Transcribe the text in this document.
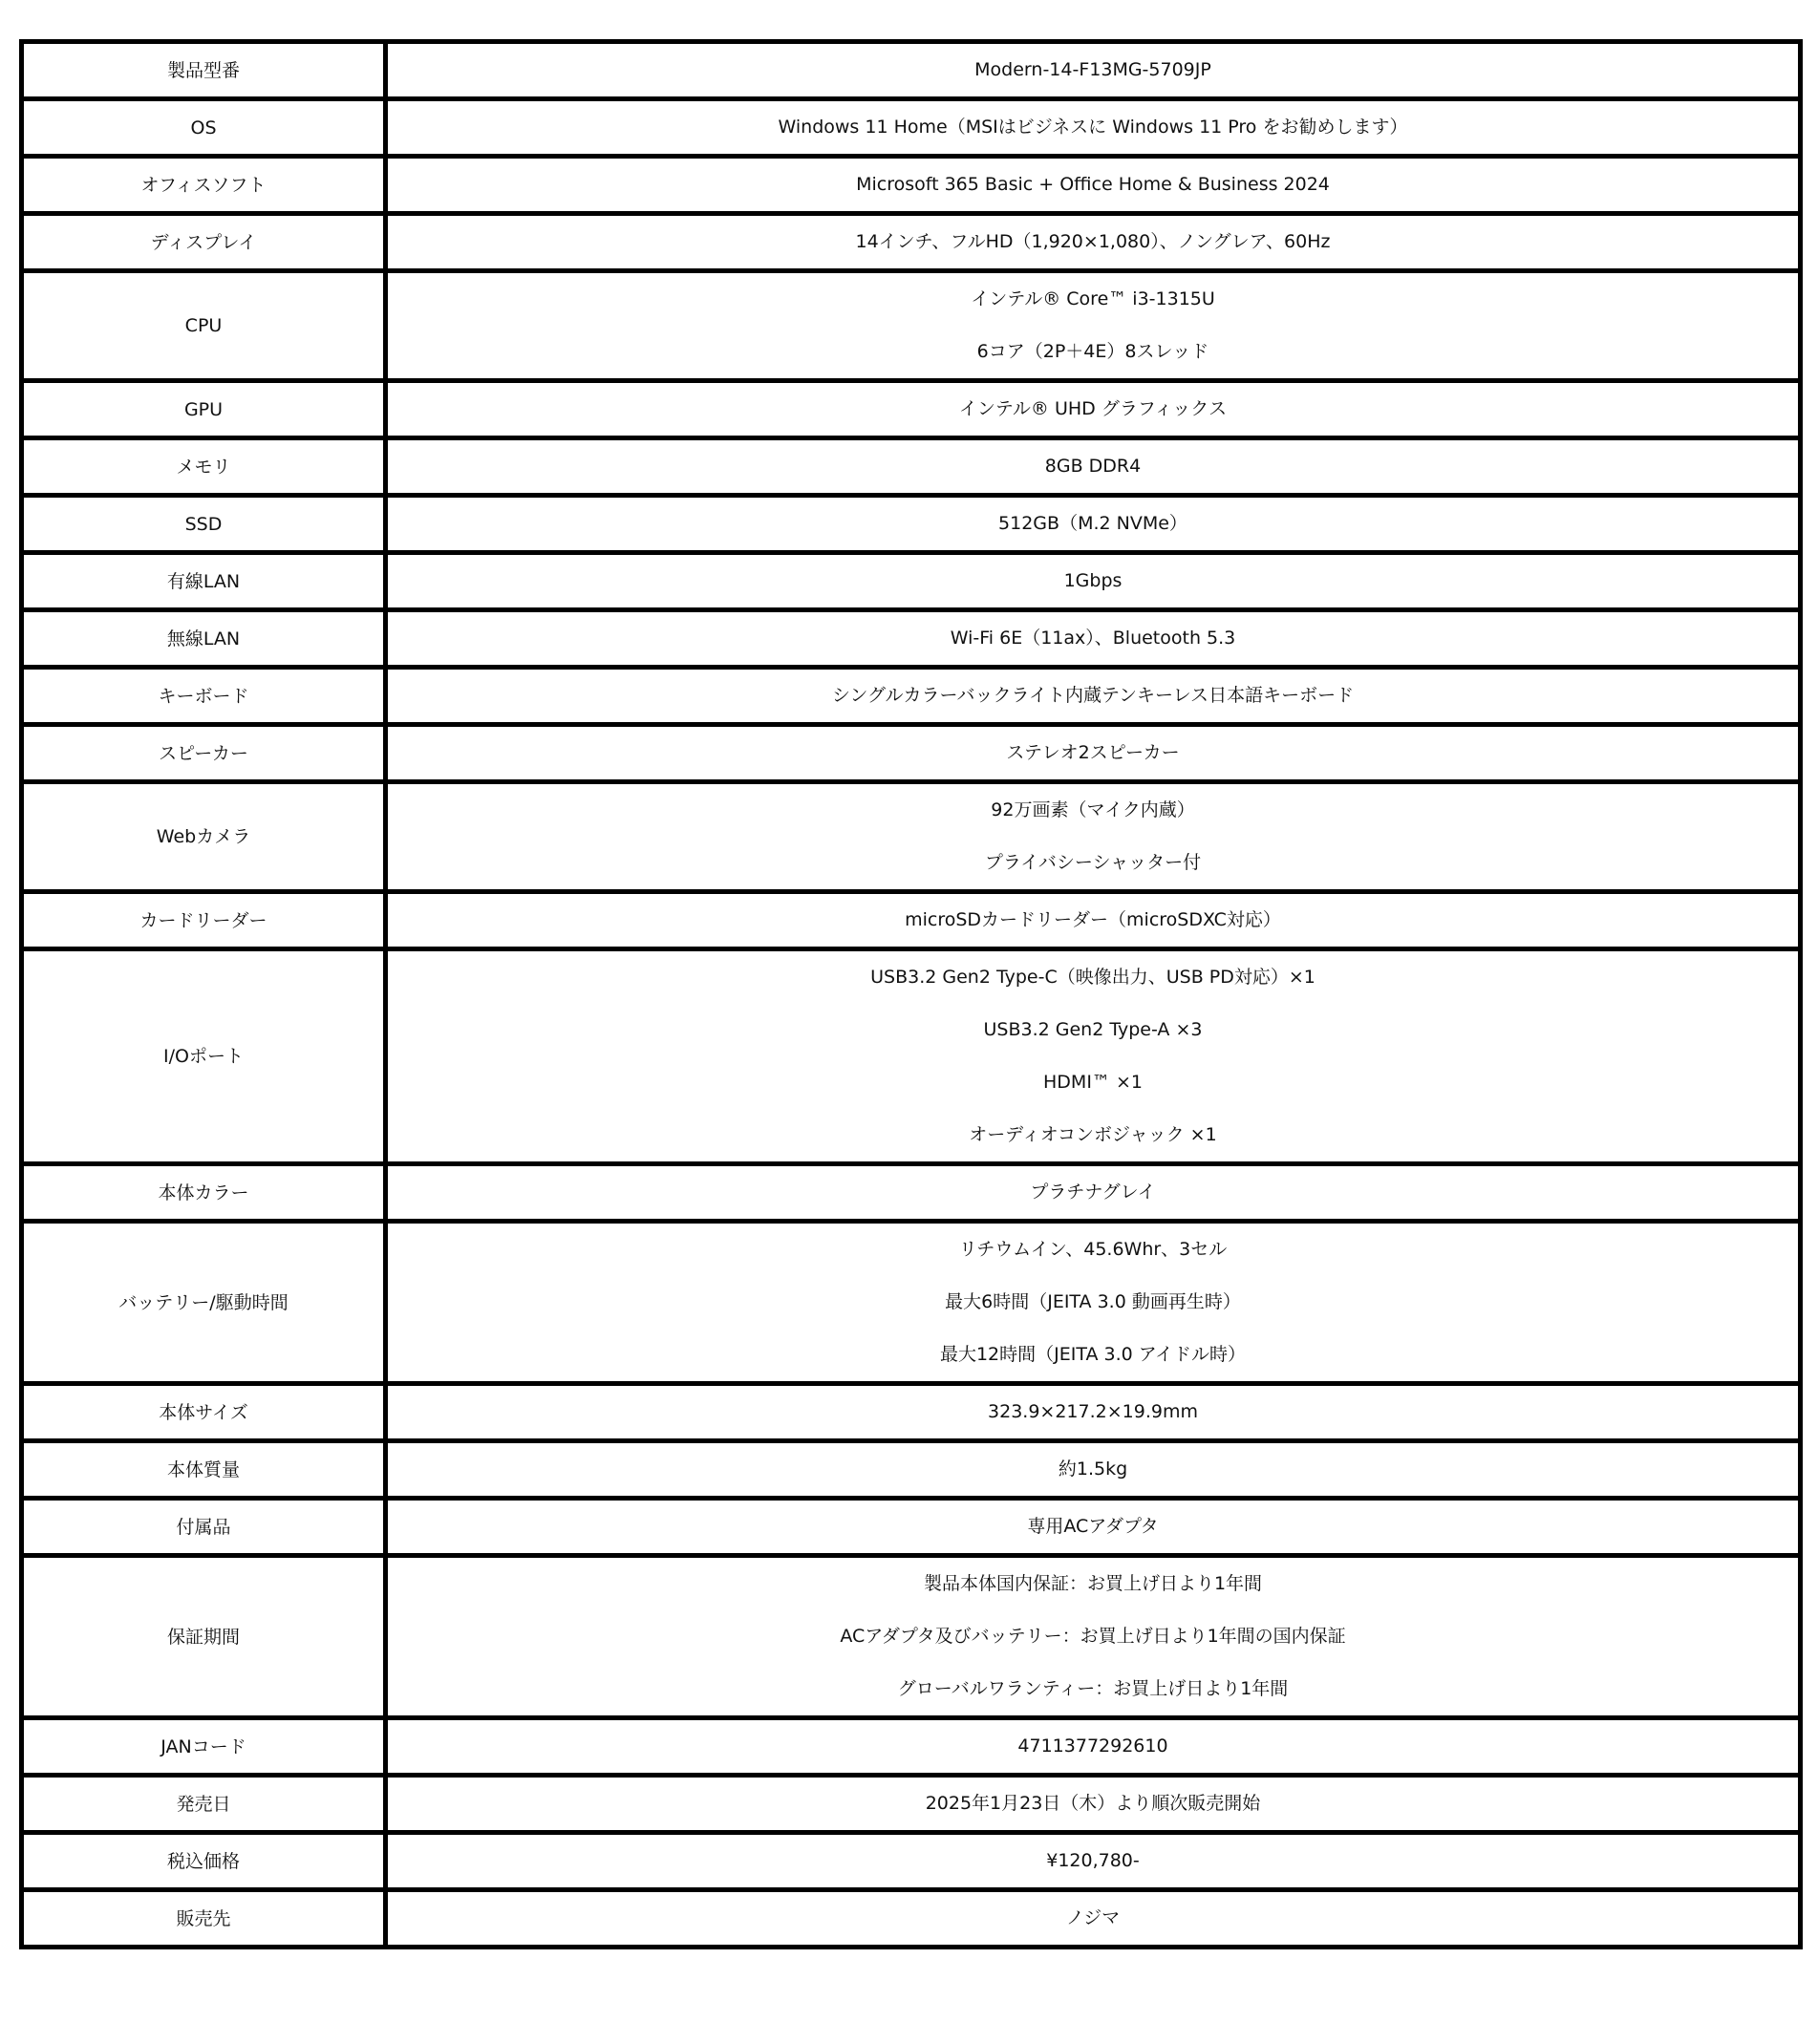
製品型番	Modern-14-F13MG-5709JP

OS	Windows 11 Home（MSIはビジネスに Windows 11 Pro をお勧めします）

オフィスソフト	Microsoft 365 Basic + Office Home & Business 2024

ディスプレイ	14インチ、フルHD（1,920×1,080）、ノングレア、60Hz

CPU	インテル® Core™ i3-1315U
6コア（2P＋4E）8スレッド

GPU	インテル® UHD グラフィックス

メモリ	8GB DDR4

SSD	512GB（M.2 NVMe）

有線LAN	1Gbps

無線LAN	Wi-Fi 6E（11ax）、Bluetooth 5.3

キーボード	シングルカラーバックライト内蔵テンキーレス日本語キーボード

スピーカー	ステレオ2スピーカー

Webカメラ	92万画素（マイク内蔵）
プライバシーシャッター付

カードリーダー	microSDカードリーダー（microSDXC対応）

I/Oポート	USB3.2 Gen2 Type-C（映像出力、USB PD対応）×1
USB3.2 Gen2 Type-A ×3
HDMI™ ×1
オーディオコンボジャック ×1

本体カラー	プラチナグレイ

バッテリー/駆動時間	リチウムイン、45.6Whr、3セル
最大6時間（JEITA 3.0 動画再生時）
最大12時間（JEITA 3.0 アイドル時）

本体サイズ	323.9×217.2×19.9mm

本体質量	約1.5kg

付属品	専用ACアダプタ

保証期間	製品本体国内保証：お買上げ日より1年間
ACアダプタ及びバッテリー：お買上げ日より1年間の国内保証
グローバルワランティー：お買上げ日より1年間

JANコード	4711377292610

発売日	2025年1月23日（木）より順次販売開始

税込価格	¥120,780-

販売先	ノジマ
